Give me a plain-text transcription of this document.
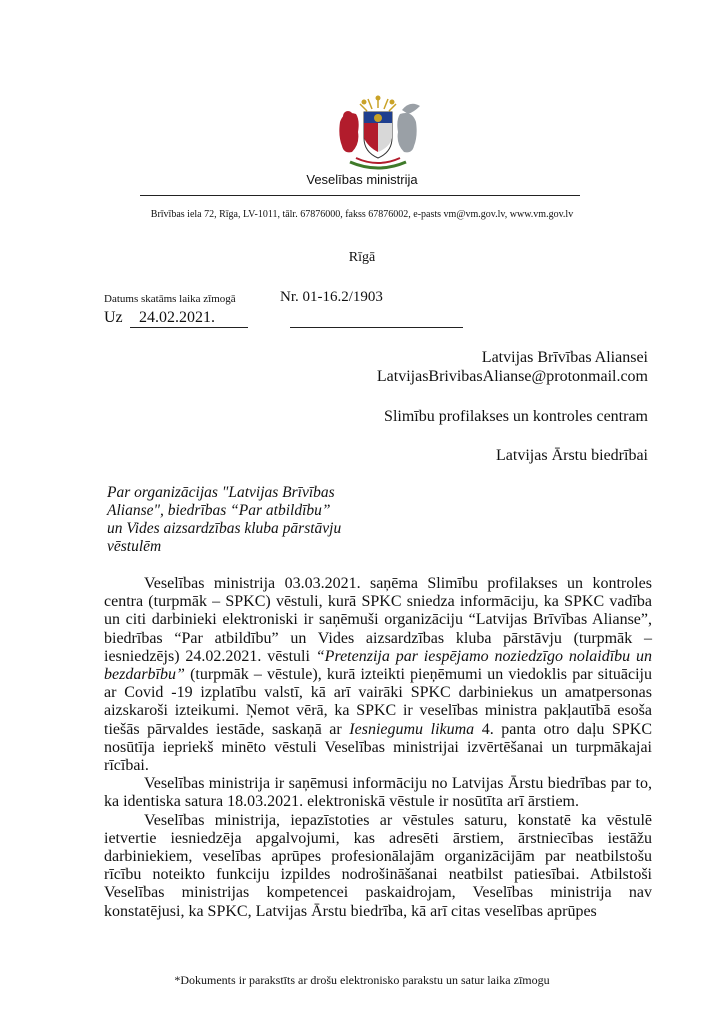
Veselības ministrija
Brīvības iela 72, Rīga, LV-1011, tālr. 67876000, fakss 67876002, e-pasts vm@vm.gov.lv, www.vm.gov.lv
Rīgā
Datums skatāms laika zīmogā	Nr. 01-16.2/1903
Uz 24.02.2021.
Latvijas Brīvības Aliansei
LatvijasBrivibasAlianse@protonmail.com
Slimību profilakses un kontroles centram
Latvijas Ārstu biedrībai
Par organizācijas "Latvijas Brīvības Alianse", biedrības “Par atbildību” un Vides aizsardzības kluba pārstāvju vēstulēm

Veselības ministrija 03.03.2021. saņēma Slimību profilakses un kontroles centra (turpmāk – SPKC) vēstuli, kurā SPKC sniedza informāciju, ka SPKC vadība un citi darbinieki elektroniski ir saņēmuši organizāciju “Latvijas Brīvības Alianse”, biedrības “Par atbildību” un Vides aizsardzības kluba pārstāvju (turpmāk – iesniedzējs) 24.02.2021. vēstuli “Pretenzija par iespējamo noziedzīgo nolaidību un bezdarbību” (turpmāk – vēstule), kurā izteikti pieņēmumi un viedoklis par situāciju ar Covid -19 izplatību valstī, kā arī vairāki SPKC darbiniekus un amatpersonas aizskaroši izteikumi. Ņemot vērā, ka SPKC ir veselības ministra pakļautībā esoša tiešās pārvaldes iestāde, saskaņā ar Iesniegumu likuma 4. panta otro daļu SPKC nosūtīja iepriekš minēto vēstuli Veselības ministrijai izvērtēšanai un turpmākajai rīcībai.

Veselības ministrija ir saņēmusi informāciju no Latvijas Ārstu biedrības par to, ka identiska satura 18.03.2021. elektroniskā vēstule ir nosūtīta arī ārstiem.

Veselības ministrija, iepazīstoties ar vēstules saturu, konstatē ka vēstulē ietvertie iesniedzēja apgalvojumi, kas adresēti ārstiem, ārstniecības iestāžu darbiniekiem, veselības aprūpes profesionālajām organizācijām par neatbilstošu rīcību noteikto funkciju izpildes nodrošināšanai neatbilst patiesībai. Atbilstoši Veselības ministrijas kompetencei paskaidrojam, Veselības ministrija nav konstatējusi, ka SPKC, Latvijas Ārstu biedrība, kā arī citas veselības aprūpes

*Dokuments ir parakstīts ar drošu elektronisko parakstu un satur laika zīmogu
